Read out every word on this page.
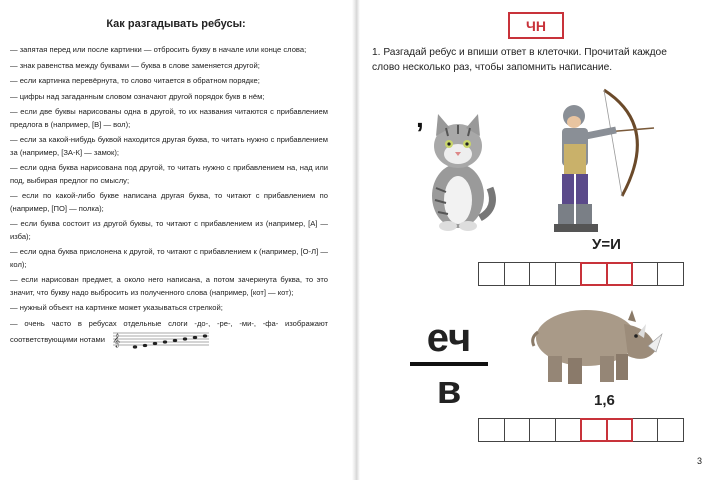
Как разгадывать ребусы:

— запятая перед или после картинки — отбросить букву в начале или конце слова;

— знак равенства между буквами — буква в слове заменяется другой;

— если картинка перевёрнута, то слово читается в обратном порядке;

— цифры над загаданным словом означают другой порядок букв в нём;

— если две буквы нарисованы одна в другой, то их названия читаются с прибавлением предлога в (например, [В] — вол);

— если за какой-нибудь буквой находится другая буква, то читать нужно с прибавлением за (например, [ЗА-К] — замок);

— если одна буква нарисована под другой, то читать нужно с прибавлением на, над или под, выбирая предлог по смыслу;

— если по какой-либо букве написана другая буква, то читают с прибавлением по (например, [ПО] — полка);

— если буква состоит из другой буквы, то читают с прибавлением из (например, [А] — изба);

— если одна буква прислонена к другой, то читают с прибавлением к (например, [О-Л] — кол);

— если нарисован предмет, а около него написана, а потом зачеркнута буква, то это значит, что букву надо выбросить из полученного слова (например, [кот] — кот);

— нужный объект на картинке может указываться стрелкой;

— очень часто в ребусах отдельные слоги -до-, -ре-, -ми-, -фа- изображают соответствующими нотами 𝄞

ЧН
1. Разгадай ребус и впиши ответ в клеточки. Прочитай каждое слово несколько раз, чтобы запомнить написание.
,
У=И
еч
в	1,6
3
